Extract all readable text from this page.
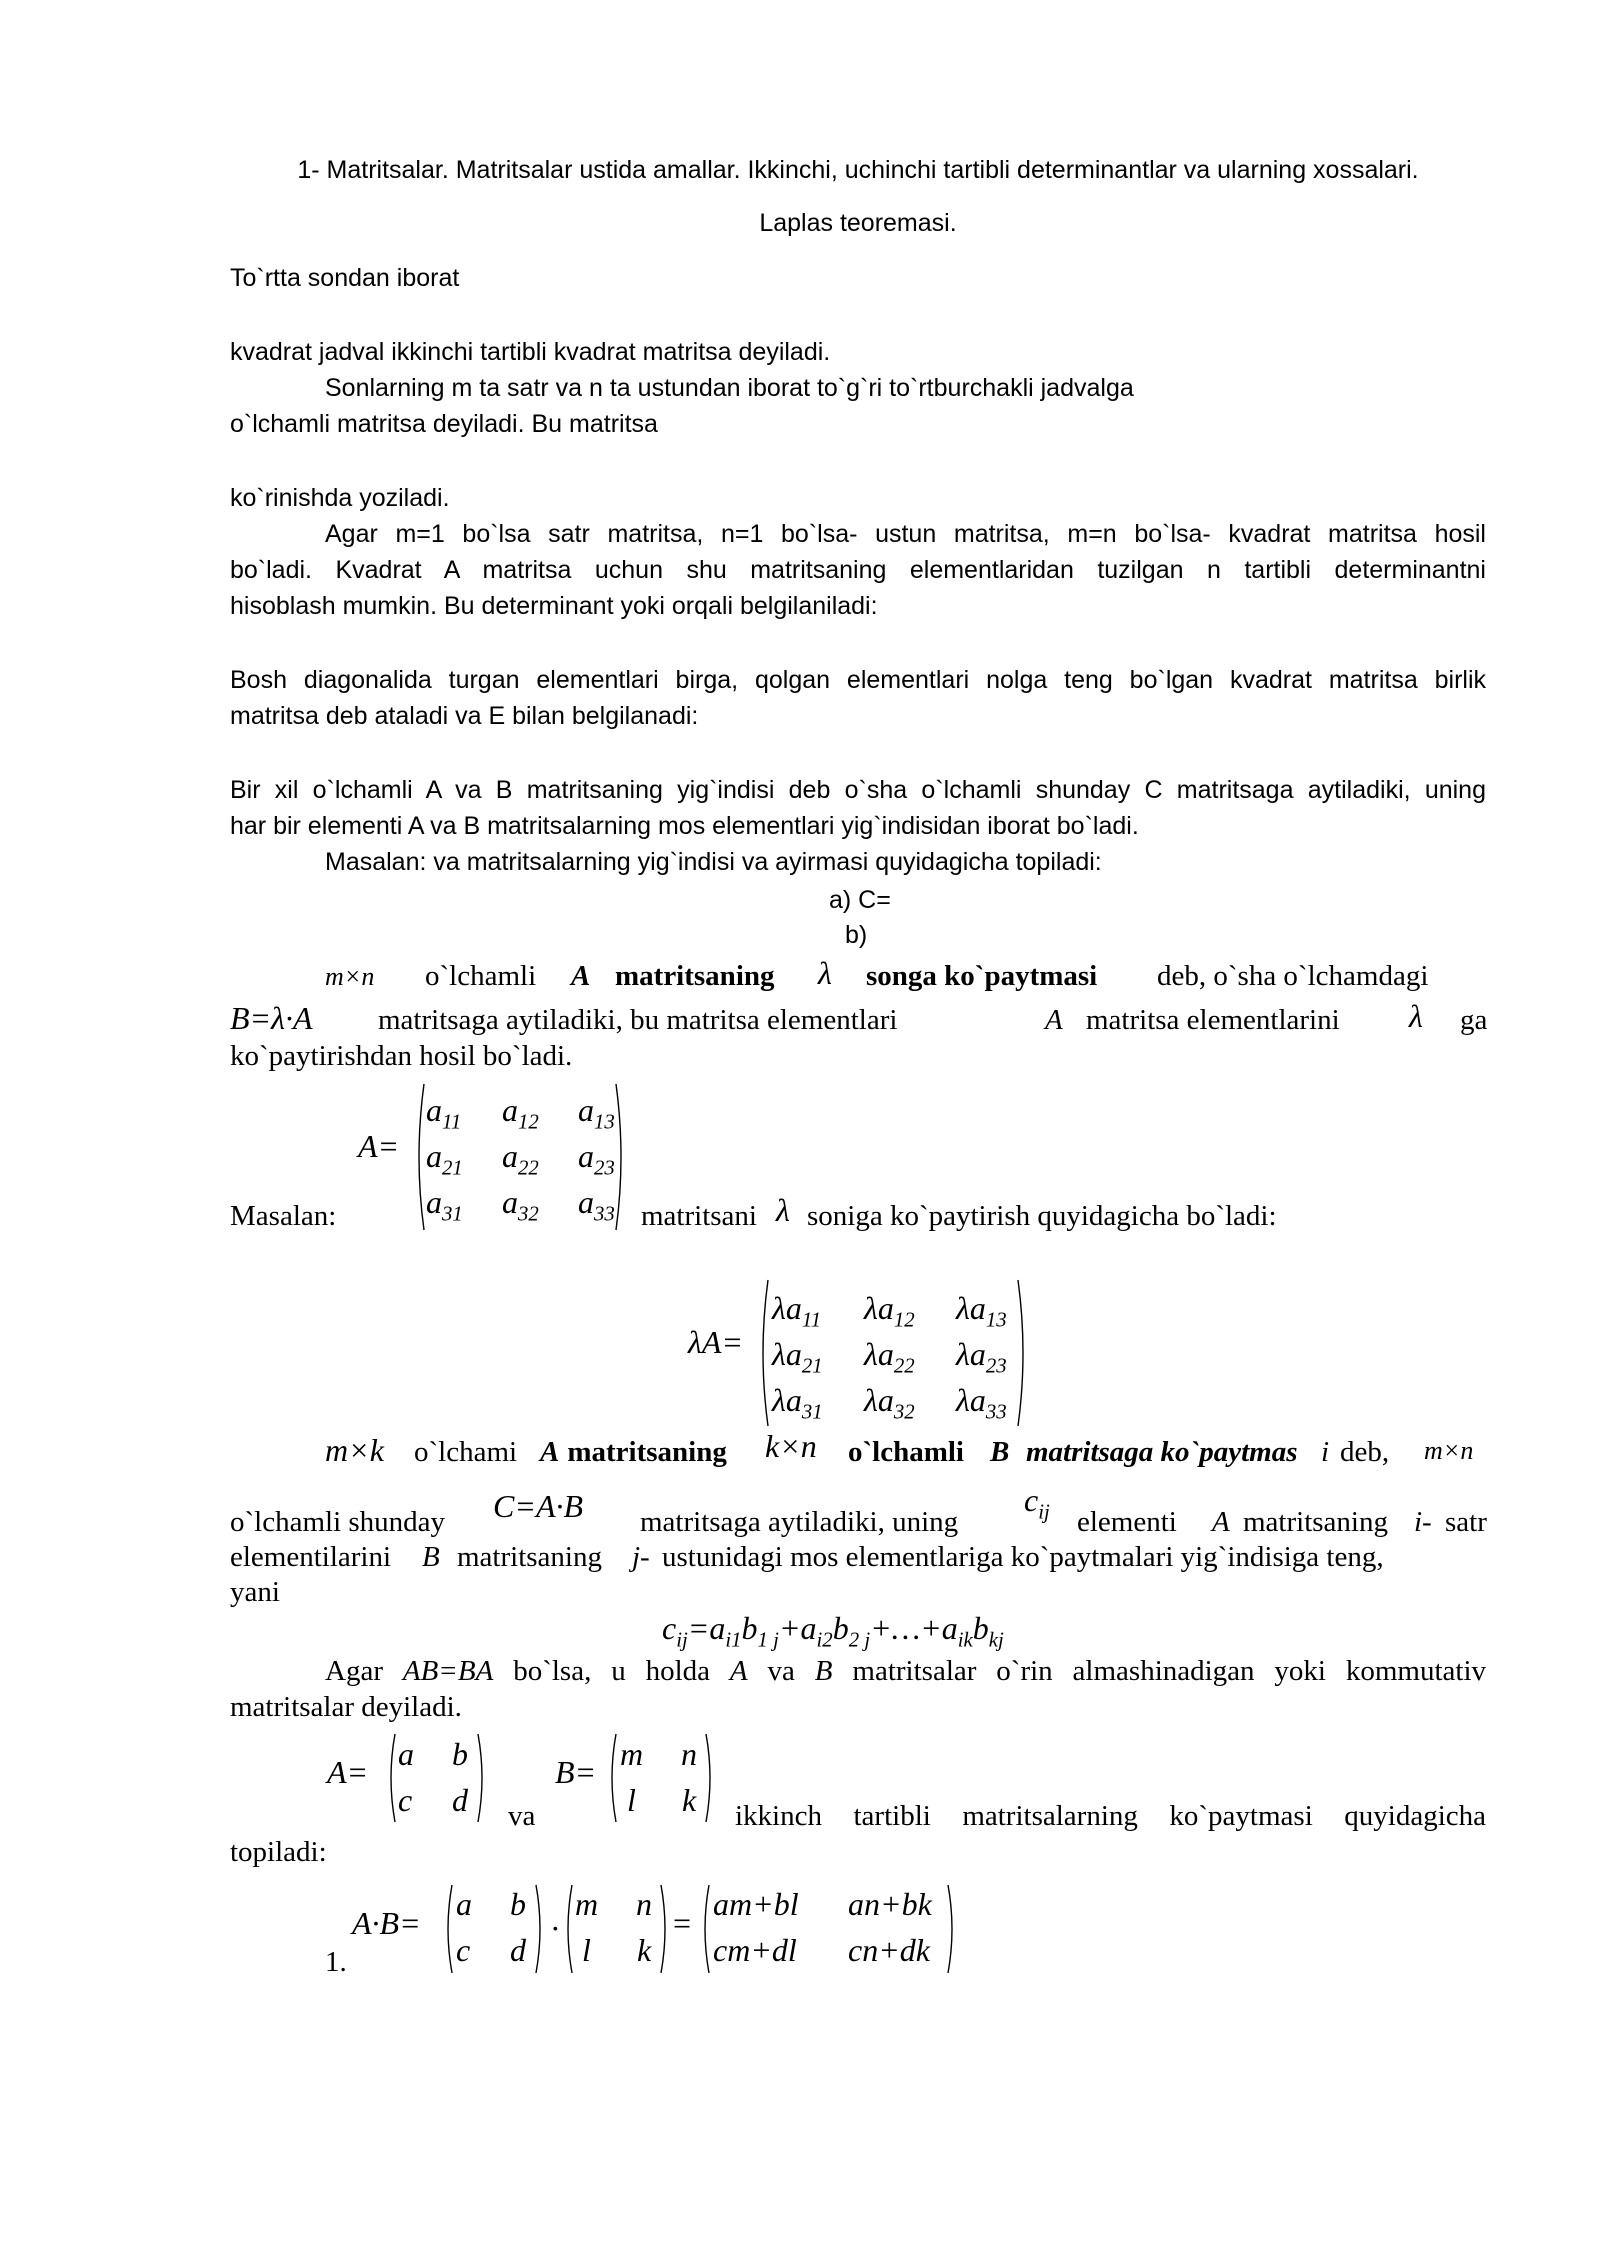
1- Matritsalar. Matritsalar ustida amallar. Ikkinchi, uchinchi tartibli determinantlar va ularning xossalari.
Laplas teoremasi.
To`rtta sondan iborat
kvadrat jadval ikkinchi tartibli kvadrat matritsa deyiladi.
Sonlarning m ta satr va n ta ustundan iborat to`g`ri to`rtburchakli jadvalga
o`lchamli matritsa deyiladi. Bu matritsa
ko`rinishda yoziladi.
Agar m=1 bo`lsa satr matritsa, n=1 bo`lsa- ustun matritsa, m=n bo`lsa- kvadrat matritsa hosil
bo`ladi. Kvadrat A matritsa uchun shu matritsaning elementlaridan tuzilgan n tartibli determinantni
hisoblash mumkin. Bu determinant yoki orqali belgilaniladi:
Bosh diagonalida turgan elementlari birga, qolgan elementlari nolga teng bo`lgan kvadrat matritsa birlik
matritsa deb ataladi va E bilan belgilanadi:
Bir xil o`lchamli A va B matritsaning yig`indisi deb o`sha o`lchamli shunday C matritsaga aytiladiki, uning
har bir elementi A va B matritsalarning mos elementlari yig`indisidan iborat bo`ladi.
Masalan: va matritsalarning yig`indisi va ayirmasi quyidagicha topiladi:
a) C=
b)
m×n o`lchamli A matritsaning λ songa ko`paytmasi deb, o`sha o`lchamdagi
B=λ·A matritsaga aytiladiki, bu matritsa elementlari	A matritsa elementlarini λ ga
ko`paytirishdan hosil bo`ladi.
Masalan:
A=
$a_{11}$ $a_{12}$ $a_{13}$
$a_{21}$ $a_{22}$ $a_{23}$
$a_{31}$ $a_{32}$ $a_{33}$ matritsani λ soniga ko`paytirish quyidagicha bo`ladi:
λA=
$\lambda a_{11}$ $\lambda a_{12}$ $\lambda a_{13}$
$\lambda a_{21}$ $\lambda a_{22}$ $\lambda a_{23}$
$\lambda a_{31}$ $\lambda a_{32}$ $\lambda a_{33}$
m×k o`lchami A matritsaning k×n o`lchamli B matritsaga ko`paytmas i deb, m×n
o`lchamli shunday C=A·B matritsaga aytiladiki, uning
$c_{ij}$ elementi A matritsaning i- satr
elementilarini B matritsaning j- ustunidagi mos elementlariga ko`paytmalari yig`indisiga teng,
yani
$c_{ij}=a_{i1}b_{1 j}+a_{i2}b_{2 j}+\dots+a_{ik}b_{kj}$
Agar AB=BA bo`lsa, u holda A va B matritsalar o`rin almashinadigan yoki kommutativ
matritsalar deyiladi.
A= a b
c d va
B= m n
l k ikkinch tartibli matritsalarning ko`paytmasi quyidagicha
topiladi:
1.
A·B=
a b
c d
·
m n
l k
=
am+bl an+bk
cm+dl cn+dk
